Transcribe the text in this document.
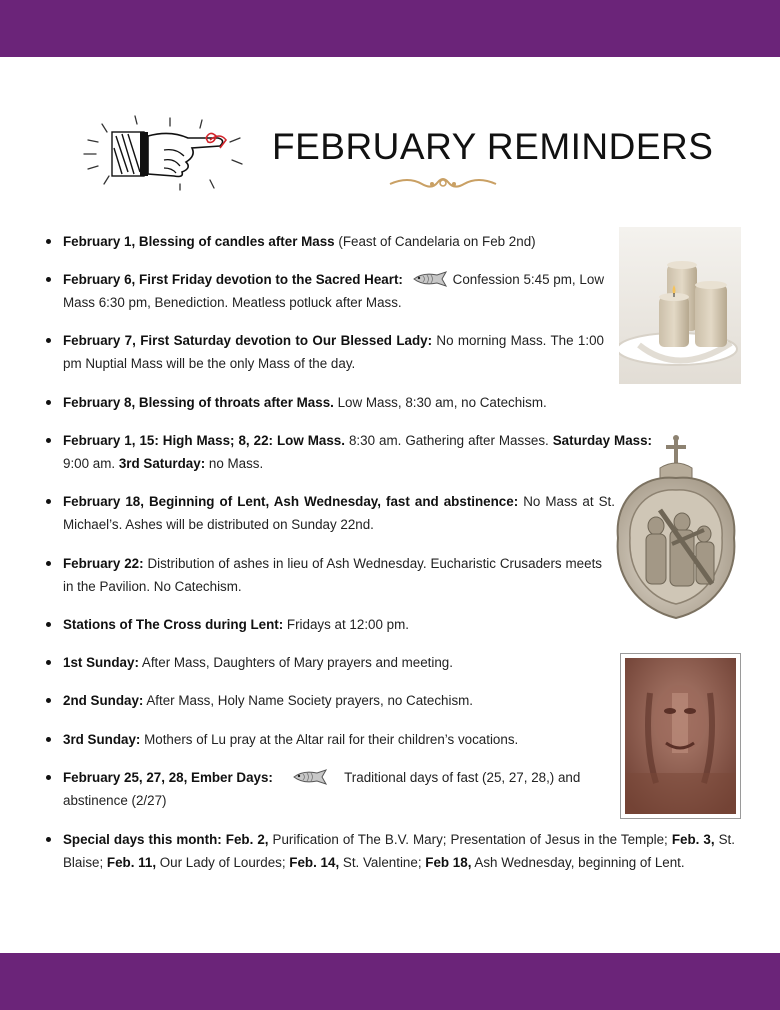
FEBRUARY REMINDERS
February 1, Blessing of candles after Mass (Feast of Candelaria on Feb 2nd)
February 6, First Friday devotion to the Sacred Heart:	Confession 5:45 pm, Low Mass 6:30 pm, Benediction. Meatless potluck after Mass.
February 7, First Saturday devotion to Our Blessed Lady: No morning Mass. The 1:00 pm Nuptial Mass will be the only Mass of the day.
February 8, Blessing of throats after Mass. Low Mass, 8:30 am, no Catechism.
February 1, 15: High Mass; 8, 22: Low Mass. 8:30 am. Gathering after Masses. Saturday Mass: 9:00 am. 3rd Saturday: no Mass.
February 18, Beginning of Lent, Ash Wednesday, fast and abstinence: No Mass at St. Michael’s. Ashes will be distributed on Sunday 22nd.
February 22: Distribution of ashes in lieu of Ash Wednesday. Eucharistic Crusaders meets in the Pavilion. No Catechism.
Stations of The Cross during Lent: Fridays at 12:00 pm.
1st Sunday: After Mass, Daughters of Mary prayers and meeting.
2nd Sunday: After Mass, Holy Name Society prayers, no Catechism.
3rd Sunday: Mothers of Lu pray at the Altar rail for their children’s vocations.
February 25, 27, 28, Ember Days:	Traditional days of fast (25, 27, 28,) and abstinence (2/27)
Special days this month: Feb. 2, Purification of The B.V. Mary; Presentation of Jesus in the Temple; Feb. 3, St. Blaise; Feb. 11, Our Lady of Lourdes; Feb. 14, St. Valentine; Feb 18, Ash Wednesday, beginning of Lent.
